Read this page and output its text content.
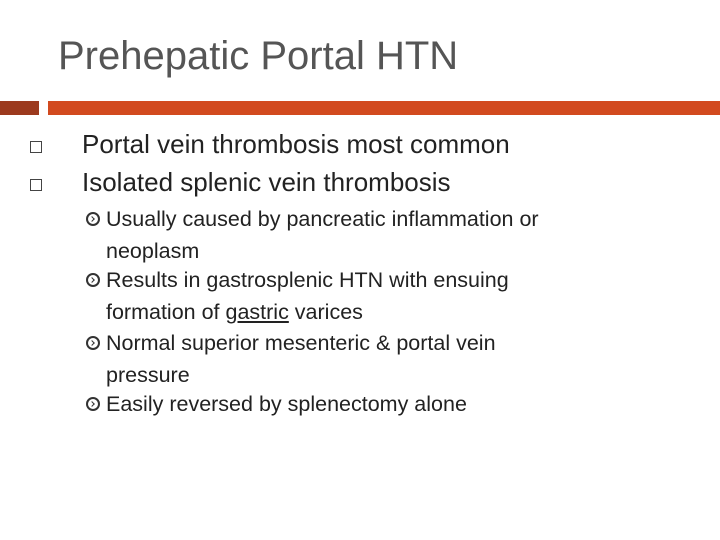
Prehepatic Portal HTN
Portal vein thrombosis most common
Isolated splenic vein thrombosis
Usually caused by pancreatic inflammation or
neoplasm
Results in gastrosplenic HTN with ensuing
formation of gastric varices
Normal superior mesenteric & portal vein
pressure
Easily reversed by splenectomy alone
